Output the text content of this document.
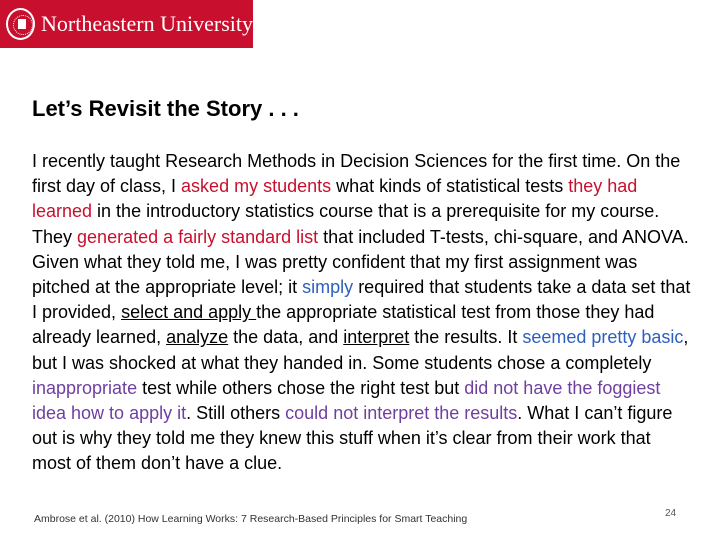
Northeastern University
Let’s Revisit the Story . . .

I recently taught Research Methods in Decision Sciences for the first time. On the first day of class, I asked my students what kinds of statistical tests they had learned in the introductory statistics course that is a prerequisite for my course. They generated a fairly standard list that included T-tests, chi-square, and ANOVA. Given what they told me, I was pretty confident that my first assignment was pitched at the appropriate level; it simply required that students take a data set that I provided, select and apply the appropriate statistical test from those they had already learned, analyze the data, and interpret the results. It seemed pretty basic, but I was shocked at what they handed in. Some students chose a completely inappropriate test while others chose the right test but did not have the foggiest idea how to apply it. Still others could not interpret the results. What I can’t figure out is why they told me they knew this stuff when it’s clear from their work that most of them don’t have a clue.

Ambrose et al. (2010) How Learning Works: 7 Research-Based Principles for Smart Teaching	24
